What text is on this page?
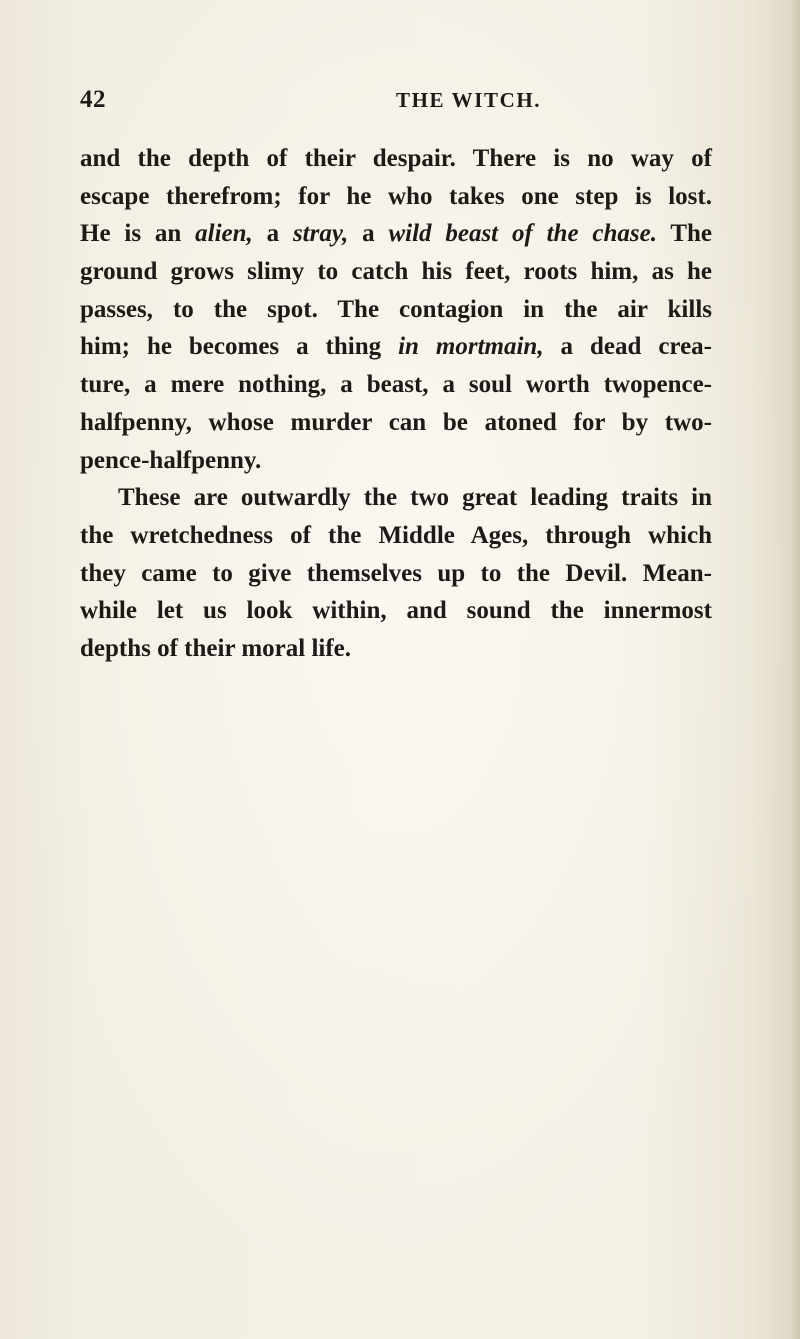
42	THE WITCH.
and the depth of their despair. There is no way of
escape therefrom; for he who takes one step is lost.
He is an alien, a stray, a wild beast of the chase. The
ground grows slimy to catch his feet, roots him, as he
passes, to the spot. The contagion in the air kills
him; he becomes a thing in mortmain, a dead crea-
ture, a mere nothing, a beast, a soul worth twopence-
halfpenny, whose murder can be atoned for by two-
pence-halfpenny.
These are outwardly the two great leading traits in
the wretchedness of the Middle Ages, through which
they came to give themselves up to the Devil. Mean-
while let us look within, and sound the innermost
depths of their moral life.
